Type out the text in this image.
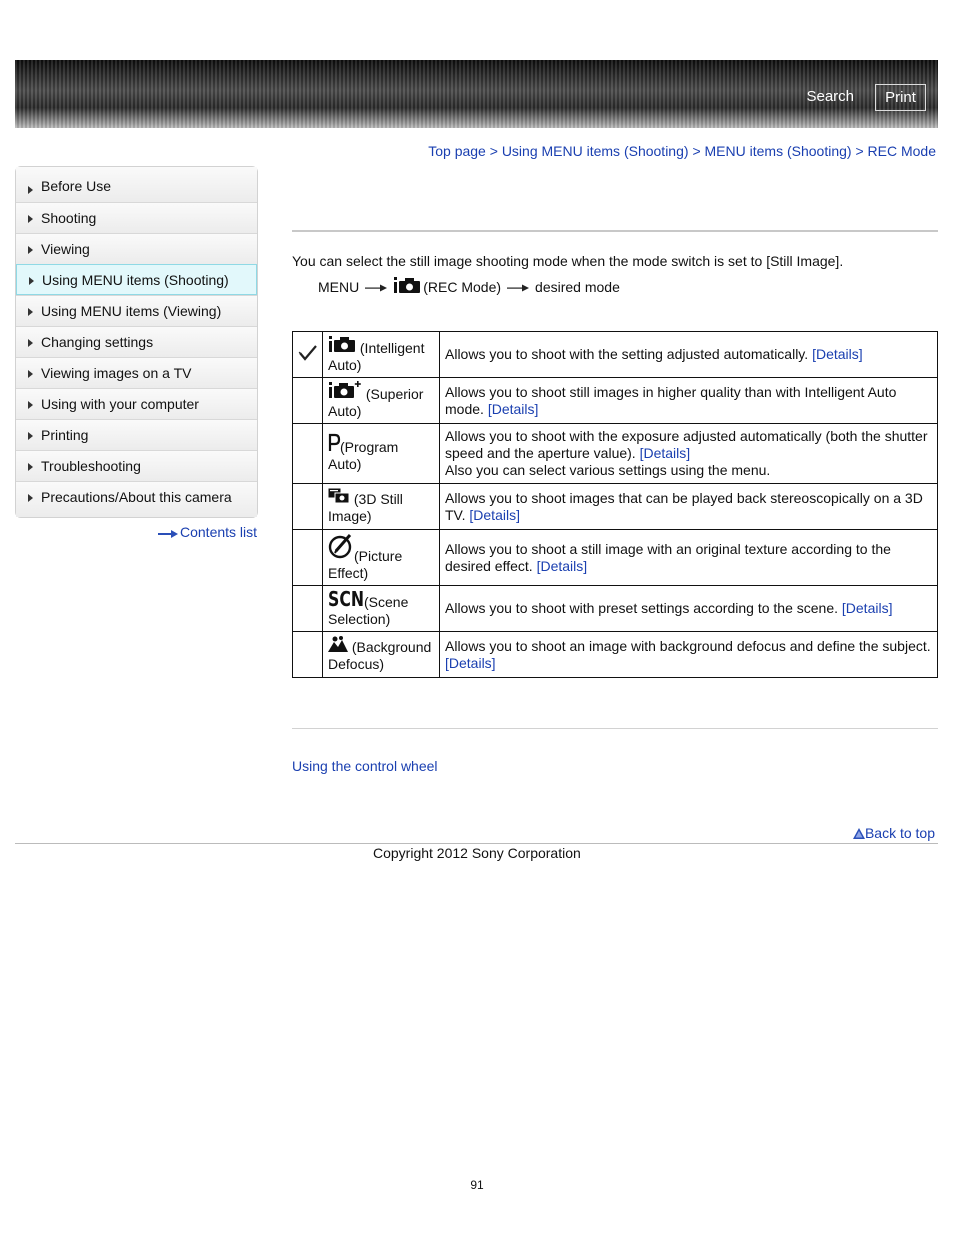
Search	Print
Top page > Using MENU items (Shooting) > MENU items (Shooting) > REC Mode
Before Use
Shooting
Viewing
Using MENU items (Shooting)
Using MENU items (Viewing)
Changing settings
Viewing images on a TV
Using with your computer
Printing
Troubleshooting
Precautions/About this camera
Contents list
You can select the still image shooting mode when the mode switch is set to [Still Image].
MENU	(REC Mode) desired mode
	(Intelligent Auto)	Allows you to shoot with the setting adjusted automatically. [Details]
	(Superior Auto)	Allows you to shoot still images in higher quality than with Intelligent Auto mode. [Details]
	(Program Auto)	Allows you to shoot with the exposure adjusted automatically (both the shutter speed and the aperture value). [Details]
Also you can select various settings using the menu.
	(3D Still Image)	Allows you to shoot images that can be played back stereoscopically on a 3D TV. [Details]
	(Picture Effect)	Allows you to shoot a still image with an original texture according to the desired effect. [Details]

SCN (Scene Selection)	Allows you to shoot with preset settings according to the scene. [Details]
	(Background Defocus)	Allows you to shoot an image with background defocus and define the subject.
[Details]
Using the control wheel
Back to top
Copyright 2012 Sony Corporation
91
